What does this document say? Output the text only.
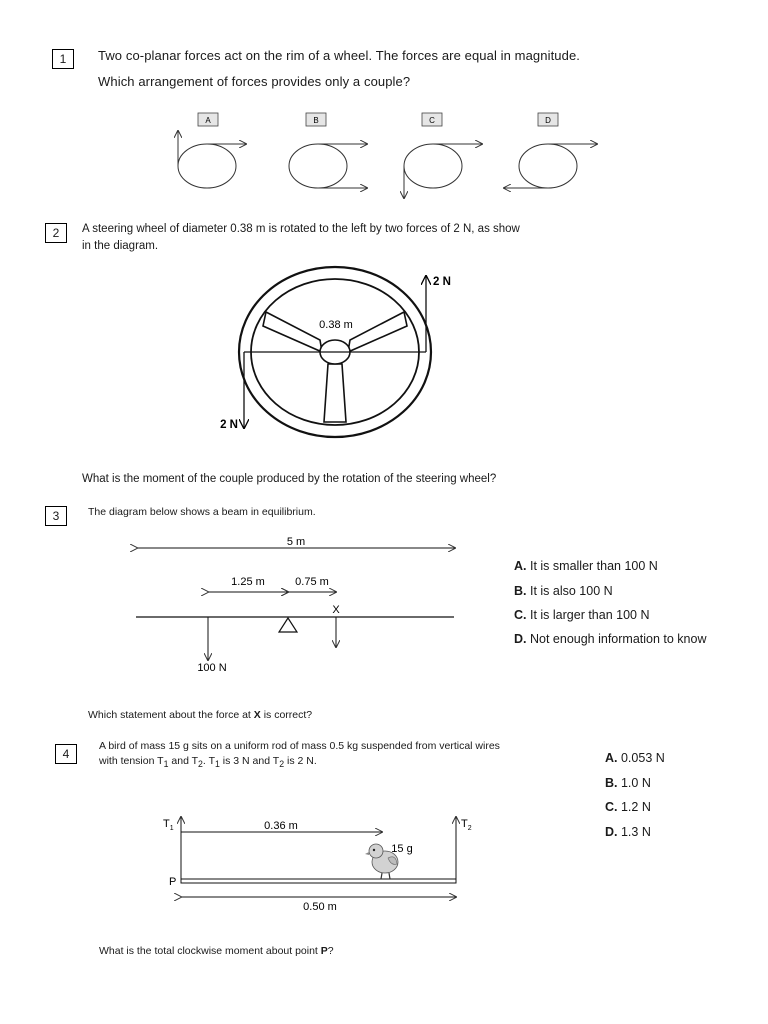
1	Two co-planar forces act on the rim of a wheel. The forces are equal in magnitude.
Which arrangement of forces provides only a couple?
A	B	C	D
2	A steering wheel of diameter 0.38 m is rotated to the left by two forces of 2 N, as show
in the diagram.
0.38 m
2 N
2 N
What is the moment of the couple produced by the rotation of the steering wheel?
3	The diagram below shows a beam in equilibrium.
5 m
1.25 m	0.75 m
100 N
X
A. It is smaller than 100 N
B. It is also 100 N
C. It is larger than 100 N
D. Not enough information to know
Which statement about the force at X is correct?
4
A bird of mass 15 g sits on a uniform rod of mass 0.5 kg suspended from vertical wires
with tension $T_1$ and $T_2$. $T_1$ is 3 N and $T_2$ is 2 N.
$T_1$	$T_2$
0.36 m
P
15 g
0.50 m
A. 0.053 N
B. 1.0 N
C. 1.2 N
D. 1.3 N
What is the total clockwise moment about point P?
